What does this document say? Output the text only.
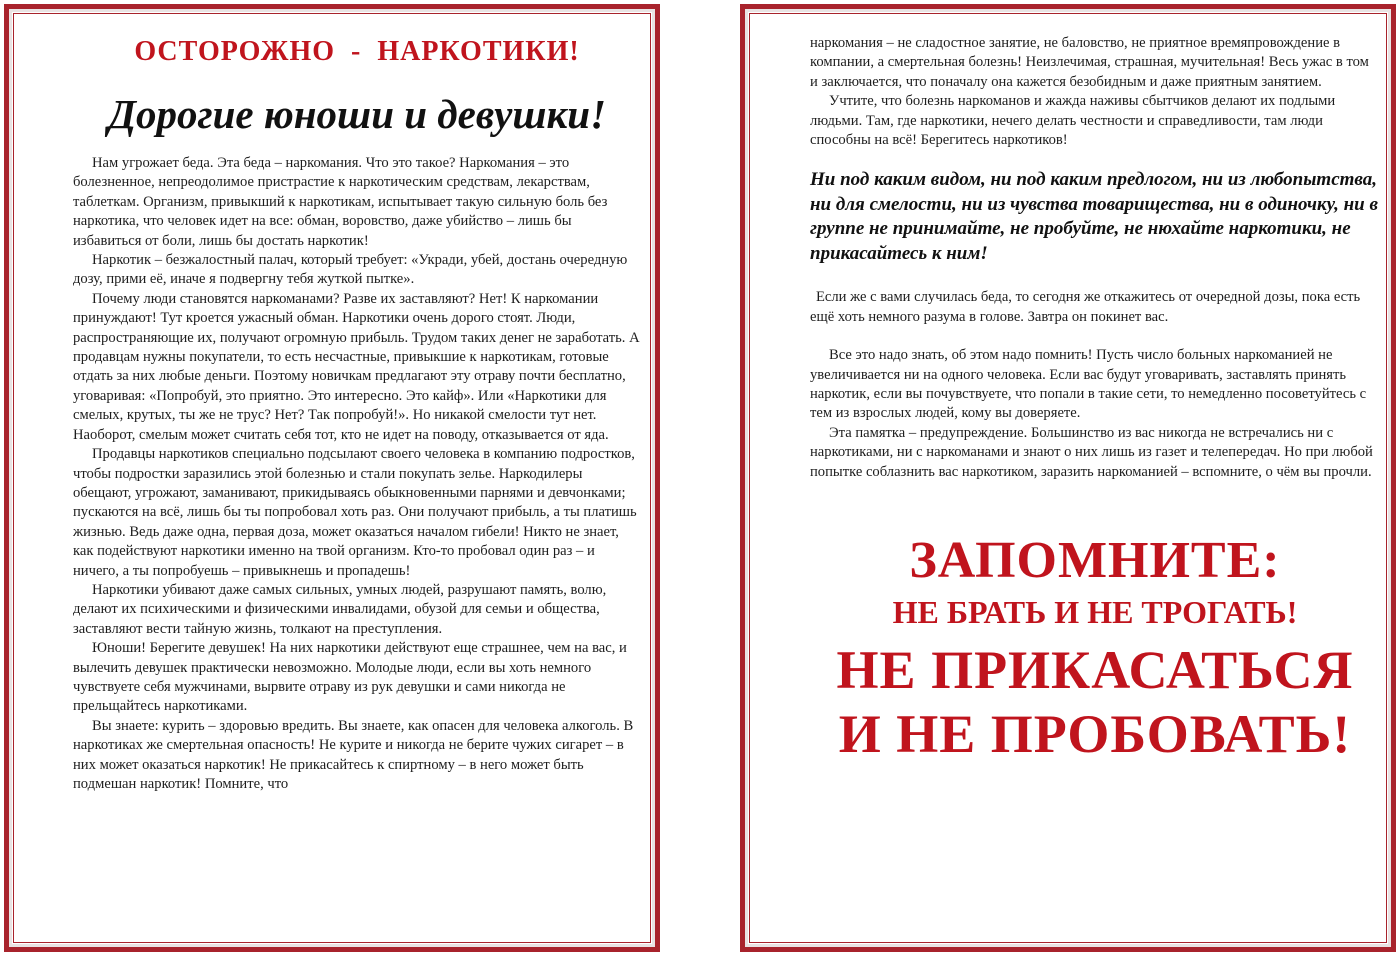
ОСТОРОЖНО  -  НАРКОТИКИ!

Дорогие юноши и девушки!

Нам угрожает беда. Эта беда – наркомания. Что это такое? Наркомания – это болезненное, непреодолимое пристрастие к наркотическим средствам, лекарствам, таблеткам. Организм, привыкший к наркотикам, испытывает такую сильную боль без наркотика, что человек идет на все: обман, воровство, даже убийство – лишь бы избавиться от боли, лишь бы достать наркотик!

Наркотик – безжалостный палач, который требует: «Укради, убей, достань очередную дозу, прими её, иначе я подвергну тебя жуткой пытке».

Почему люди становятся наркоманами? Разве их заставляют? Нет! К наркомании принуждают! Тут кроется ужасный обман. Наркотики очень дорого стоят. Люди, распространяющие их, получают огромную прибыль. Трудом таких денег не заработать. А продавцам нужны покупатели, то есть несчастные, привыкшие к наркотикам, готовые отдать за них любые деньги. Поэтому новичкам предлагают эту отраву почти бесплатно, уговаривая: «Попробуй, это приятно. Это интересно. Это кайф». Или «Наркотики для смелых, крутых, ты же не трус? Нет? Так попробуй!». Но никакой смелости тут нет. Наоборот, смелым может считать себя тот, кто не идет на поводу, отказывается от яда.

Продавцы наркотиков специально подсылают своего человека в компанию подростков, чтобы подростки заразились этой болезнью и стали покупать зелье. Наркодилеры обещают, угрожают, заманивают, прикидываясь обыкновенными парнями и девчонками; пускаются на всё, лишь бы ты попробовал хоть раз. Они получают прибыль, а ты платишь жизнью. Ведь даже одна, первая доза, может оказаться началом гибели! Никто не знает, как подействуют наркотики именно на твой организм. Кто-то пробовал один раз – и ничего, а ты попробуешь – привыкнешь и пропадешь!

Наркотики убивают даже самых сильных, умных людей, разрушают память, волю, делают их психическими и физическими инвалидами, обузой для семьи и общества, заставляют вести тайную жизнь, толкают на преступления.

Юноши! Берегите девушек! На них наркотики действуют еще страшнее, чем на вас, и вылечить девушек практически невозможно. Молодые люди, если вы хоть немного чувствуете себя мужчинами, вырвите отраву из рук девушки и сами никогда не прельщайтесь наркотиками.

Вы знаете: курить – здоровью вредить. Вы знаете, как опасен для человека алкоголь. В наркотиках же смертельная опасность! Не курите и никогда не берите чужих сигарет – в них может оказаться наркотик! Не прикасайтесь к спиртному – в него может быть подмешан наркотик! Помните, что

наркомания – не сладостное занятие, не баловство, не приятное времяпровождение в компании, а смертельная болезнь! Неизлечимая, страшная, мучительная! Весь ужас в том и заключается, что поначалу она кажется безобидным и даже приятным занятием.

Учтите, что болезнь наркоманов и жажда наживы сбытчиков делают их подлыми людьми. Там, где наркотики, нечего делать честности и справедливости, там люди способны на всё! Берегитесь наркотиков!

Ни под каким видом, ни под каким предлогом, ни из любопытства, ни для смелости, ни из чувства товарищества, ни в одиночку, ни в группе не принимайте, не пробуйте, не нюхайте наркотики, не прикасайтесь к ним!

Если же с вами случилась беда, то сегодня же откажитесь от очередной дозы, пока есть ещё хоть немного разума в голове. Завтра он покинет вас.

Все это надо знать, об этом надо помнить! Пусть число больных наркоманией не увеличивается ни на одного человека. Если вас будут уговаривать, заставлять принять наркотик, если вы почувствуете, что попали в такие сети, то немедленно посоветуйтесь с тем из взрослых людей, кому вы доверяете.

Эта памятка – предупреждение. Большинство из вас никогда не встречались ни с наркотиками, ни с наркоманами и знают о них лишь из газет и телепередач. Но при любой попытке соблазнить вас наркотиком, заразить наркоманией – вспомните, о чём вы прочли.

ЗАПОМНИТЕ:
НЕ БРАТЬ И НЕ ТРОГАТЬ!
НЕ ПРИКАСАТЬСЯ
И НЕ ПРОБОВАТЬ!
